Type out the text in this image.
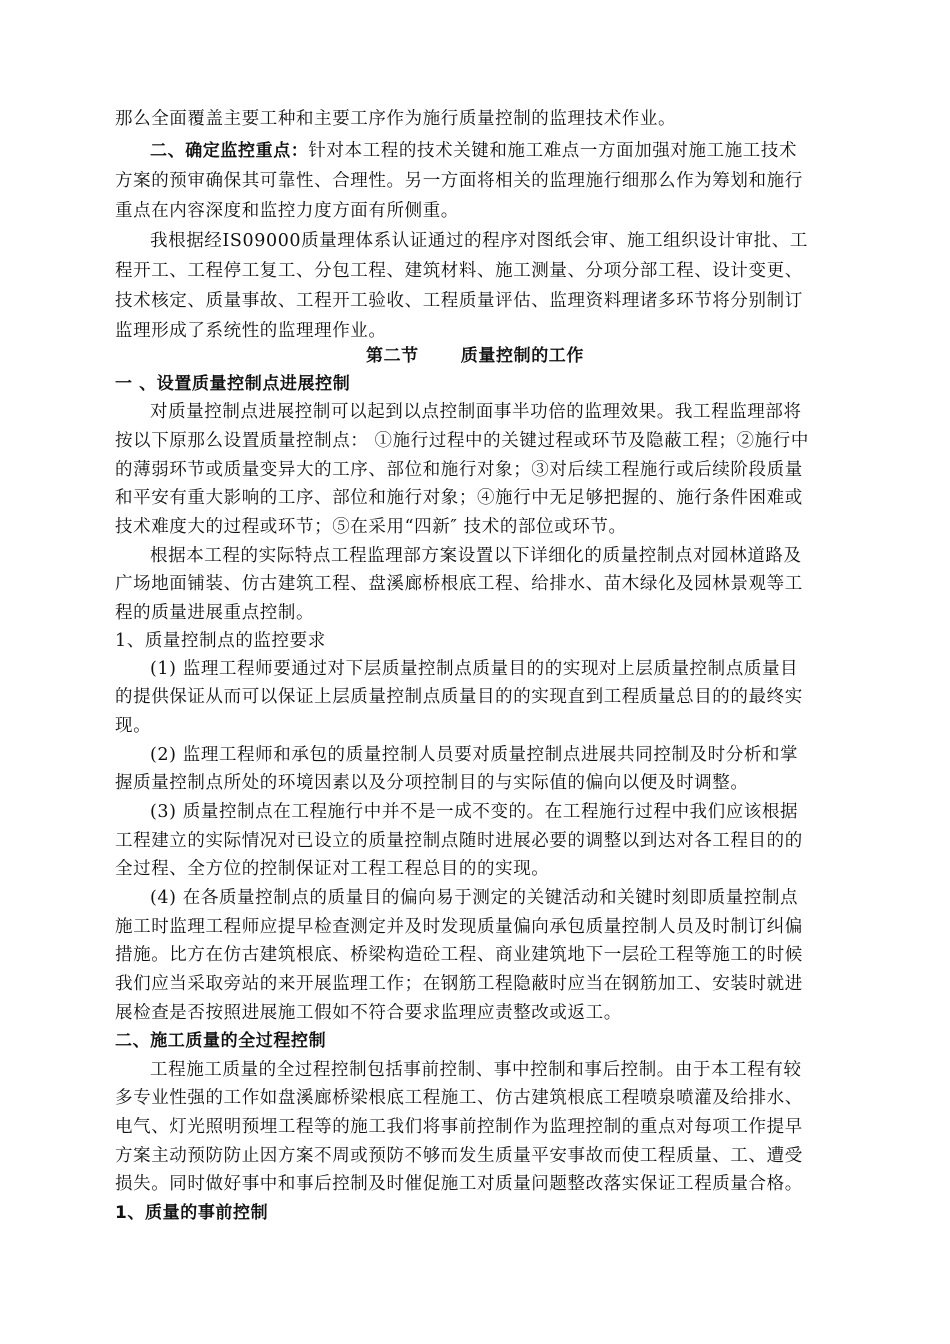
那么全面覆盖主要工种和主要工序作为施行质量控制的监理技术作业。
二、确定监控重点：针对本工程的技术关键和施工难点一方面加强对施工施工技术
方案的预审确保其可靠性、合理性。另一方面将相关的监理施行细那么作为筹划和施行
重点在内容深度和监控力度方面有所侧重。
我根据经IS09000质量理体系认证通过的程序对图纸会审、施工组织设计审批、工
程开工、工程停工复工、分包工程、建筑材料、施工测量、分项分部工程、设计变更、
技术核定、质量事故、工程开工验收、工程质量评估、监理资料理诸多环节将分别制订
监理形成了系统性的监理理作业。
第二节 质量控制的工作
一 、设置质量控制点进展控制
对质量控制点进展控制可以起到以点控制面事半功倍的监理效果。我工程监理部将
按以下原那么设置质量控制点： ①施行过程中的关键过程或环节及隐蔽工程；②施行中
的薄弱环节或质量变异大的工序、部位和施行对象；③对后续工程施行或后续阶段质量
和平安有重大影响的工序、部位和施行对象；④施行中无足够把握的、施行条件困难或
技术难度大的过程或环节；⑤在采用“四新″ 技术的部位或环节。
根据本工程的实际特点工程监理部方案设置以下详细化的质量控制点对园林道路及
广场地面铺装、仿古建筑工程、盘溪廊桥根底工程、给排水、苗木绿化及园林景观等工
程的质量进展重点控制。
1、质量控制点的监控要求
(1) 监理工程师要通过对下层质量控制点质量目的的实现对上层质量控制点质量目
的提供保证从而可以保证上层质量控制点质量目的的实现直到工程质量总目的的最终实
现。
(2) 监理工程师和承包的质量控制人员要对质量控制点进展共同控制及时分析和掌
握质量控制点所处的环境因素以及分项控制目的与实际值的偏向以便及时调整。
(3) 质量控制点在工程施行中并不是一成不变的。在工程施行过程中我们应该根据
工程建立的实际情况对已设立的质量控制点随时进展必要的调整以到达对各工程目的的
全过程、全方位的控制保证对工程工程总目的的实现。
(4) 在各质量控制点的质量目的偏向易于测定的关键活动和关键时刻即质量控制点
施工时监理工程师应提早检查测定并及时发现质量偏向承包质量控制人员及时制订纠偏
措施。比方在仿古建筑根底、桥梁构造砼工程、商业建筑地下一层砼工程等施工的时候
我们应当采取旁站的来开展监理工作；在钢筋工程隐蔽时应当在钢筋加工、安装时就进
展检查是否按照进展施工假如不符合要求监理应责整改或返工。
二、施工质量的全过程控制
工程施工质量的全过程控制包括事前控制、事中控制和事后控制。由于本工程有较
多专业性强的工作如盘溪廊桥梁根底工程施工、仿古建筑根底工程喷泉喷灌及给排水、
电气、灯光照明预埋工程等的施工我们将事前控制作为监理控制的重点对每项工作提早
方案主动预防防止因方案不周或预防不够而发生质量平安事故而使工程质量、工、遭受
损失。同时做好事中和事后控制及时催促施工对质量问题整改落实保证工程质量合格。
1、质量的事前控制
